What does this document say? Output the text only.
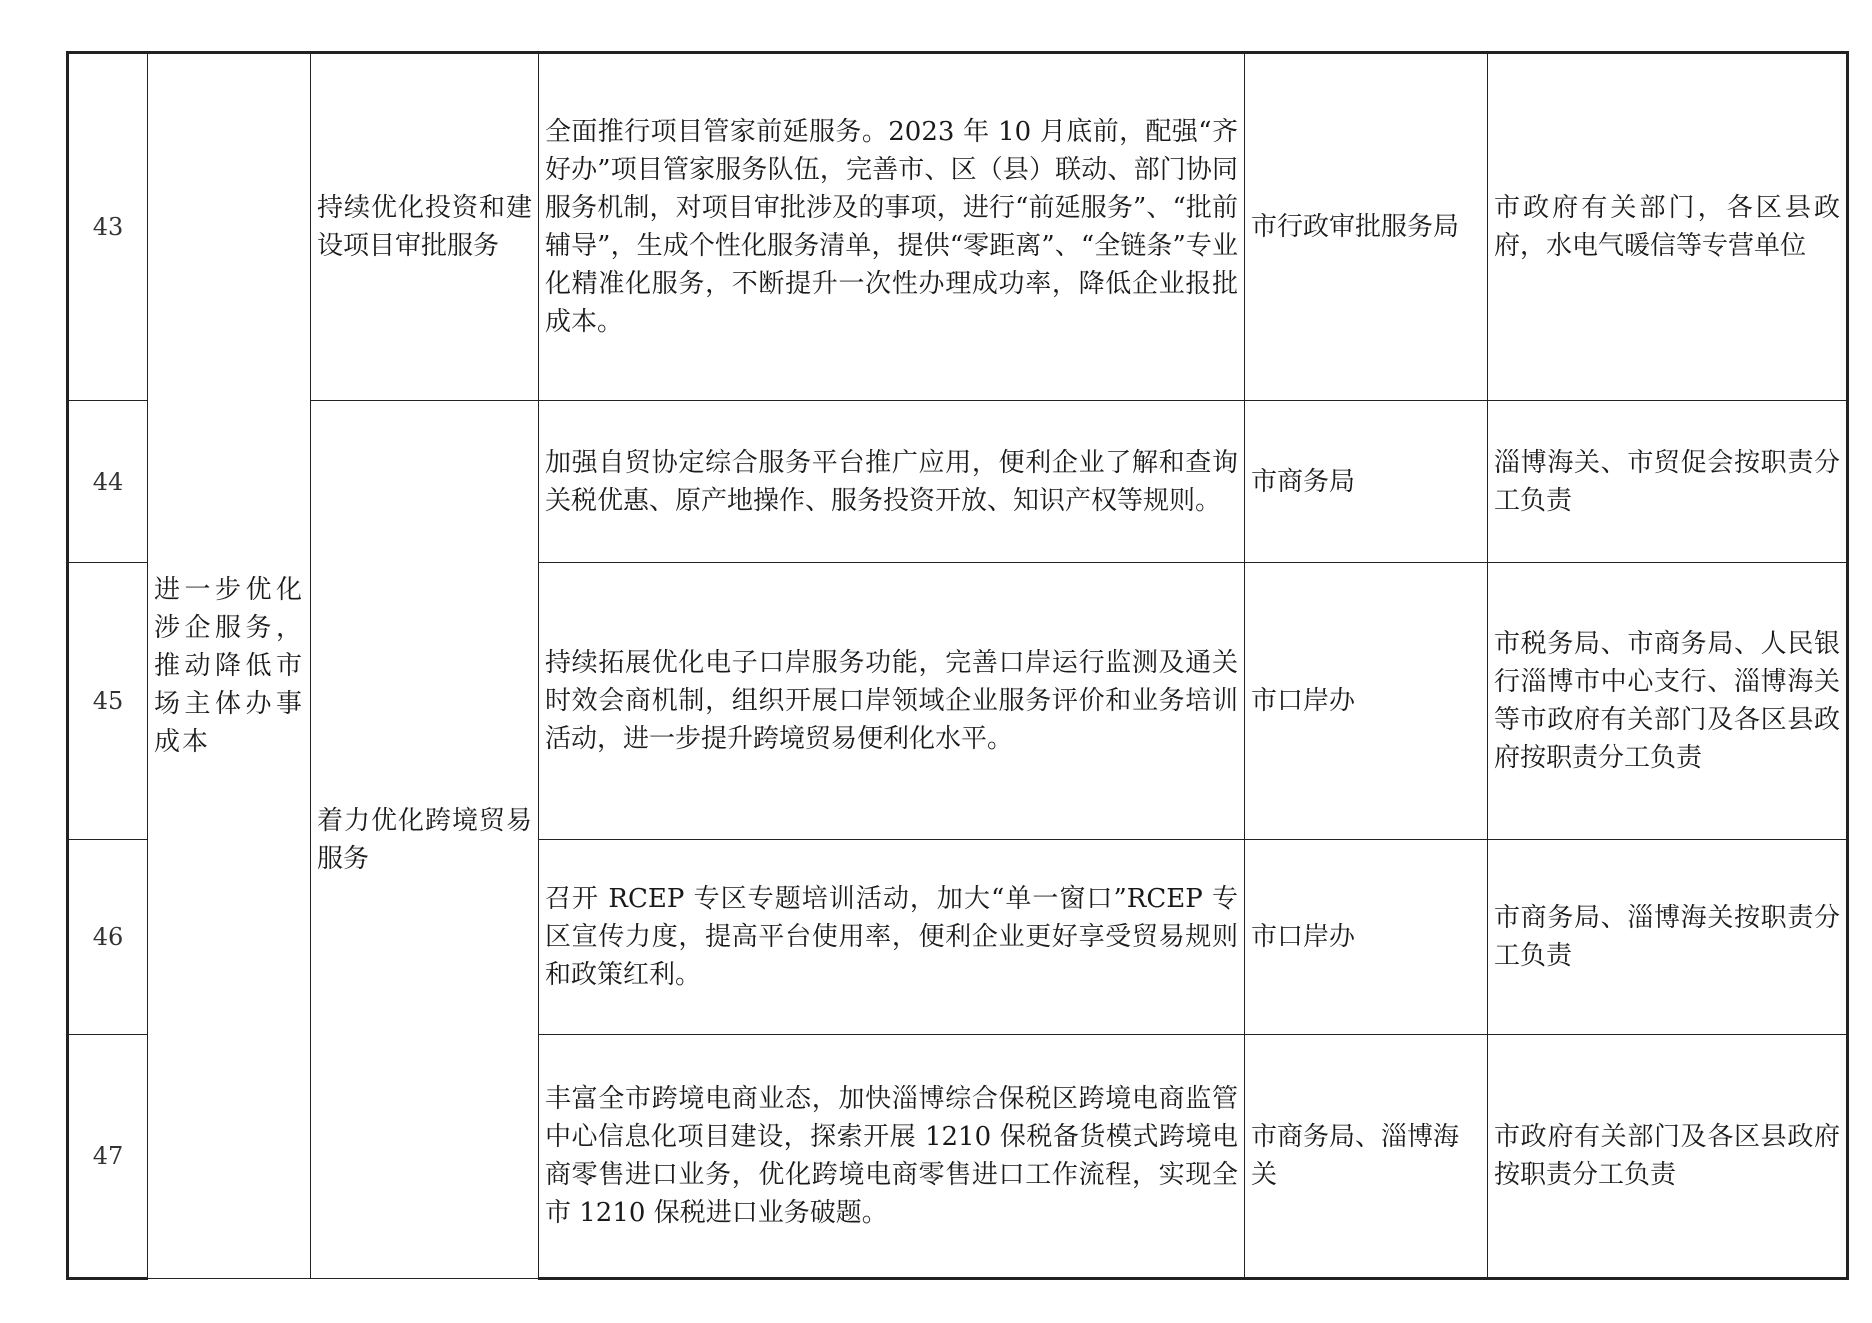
43	进一步优化涉企服务，推动降低市场主体办事成本	持续优化投资和建设项目审批服务	全面推行项目管家前延服务。2023 年 10 月底前，配强“齐好办”项目管家服务队伍，完善市、区（县）联动、部门协同服务机制，对项目审批涉及的事项，进行“前延服务”、“批前辅导”，生成个性化服务清单，提供“零距离”、“全链条”专业化精准化服务，不断提升一次性办理成功率，降低企业报批成本。	市行政审批服务局	市政府有关部门，各区县政府，水电气暖信等专营单位
44		着力优化跨境贸易服务	加强自贸协定综合服务平台推广应用，便利企业了解和查询关税优惠、原产地操作、服务投资开放、知识产权等规则。	市商务局	淄博海关、市贸促会按职责分工负责
45			持续拓展优化电子口岸服务功能，完善口岸运行监测及通关时效会商机制，组织开展口岸领域企业服务评价和业务培训活动，进一步提升跨境贸易便利化水平。	市口岸办	市税务局、市商务局、人民银行淄博市中心支行、淄博海关等市政府有关部门及各区县政府按职责分工负责
46			召开 RCEP 专区专题培训活动，加大“单一窗口”RCEP 专区宣传力度，提高平台使用率，便利企业更好享受贸易规则和政策红利。	市口岸办	市商务局、淄博海关按职责分工负责
47			丰富全市跨境电商业态，加快淄博综合保税区跨境电商监管中心信息化项目建设，探索开展 1210 保税备货模式跨境电商零售进口业务，优化跨境电商零售进口工作流程，实现全市 1210 保税进口业务破题。	市商务局、淄博海关	市政府有关部门及各区县政府按职责分工负责
